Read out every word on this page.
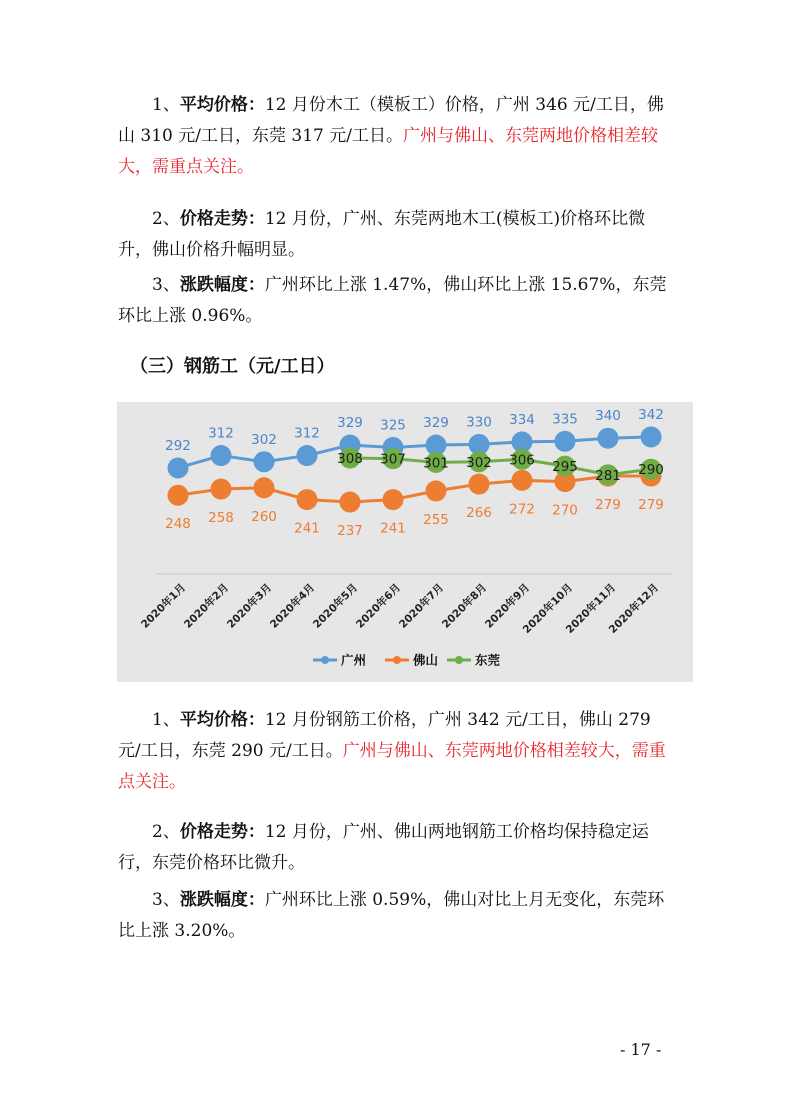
1、平均价格：12 月份木工（模板工）价格，广州 346 元/工日，佛山 310 元/工日，东莞 317 元/工日。广州与佛山、东莞两地价格相差较大，需重点关注。

2、价格走势：12 月份，广州、东莞两地木工(模板工)价格环比微升，佛山价格升幅明显。

3、涨跌幅度：广州环比上涨 1.47%，佛山环比上涨 15.67%，东莞环比上涨 0.96%。

（三）钢筋工（元/工日）

292
312 302 312
329 325 329 330 334 335 340 342
248 258 260
241 237 241
255 266 272 270 279 279
308 307 301 302 306 295
281 290
2020年1月
2020年2月
2020年3月
2020年4月
2020年5月
2020年6月
2020年7月
2020年8月
2020年9月
2020年10月
2020年11月
2020年12月
广州	佛山	东莞

1、平均价格：12 月份钢筋工价格，广州 342 元/工日，佛山 279 元/工日，东莞 290 元/工日。广州与佛山、东莞两地价格相差较大，需重点关注。

2、价格走势：12 月份，广州、佛山两地钢筋工价格均保持稳定运行，东莞价格环比微升。

3、涨跌幅度：广州环比上涨 0.59%，佛山对比上月无变化，东莞环比上涨 3.20%。

- 17 -
